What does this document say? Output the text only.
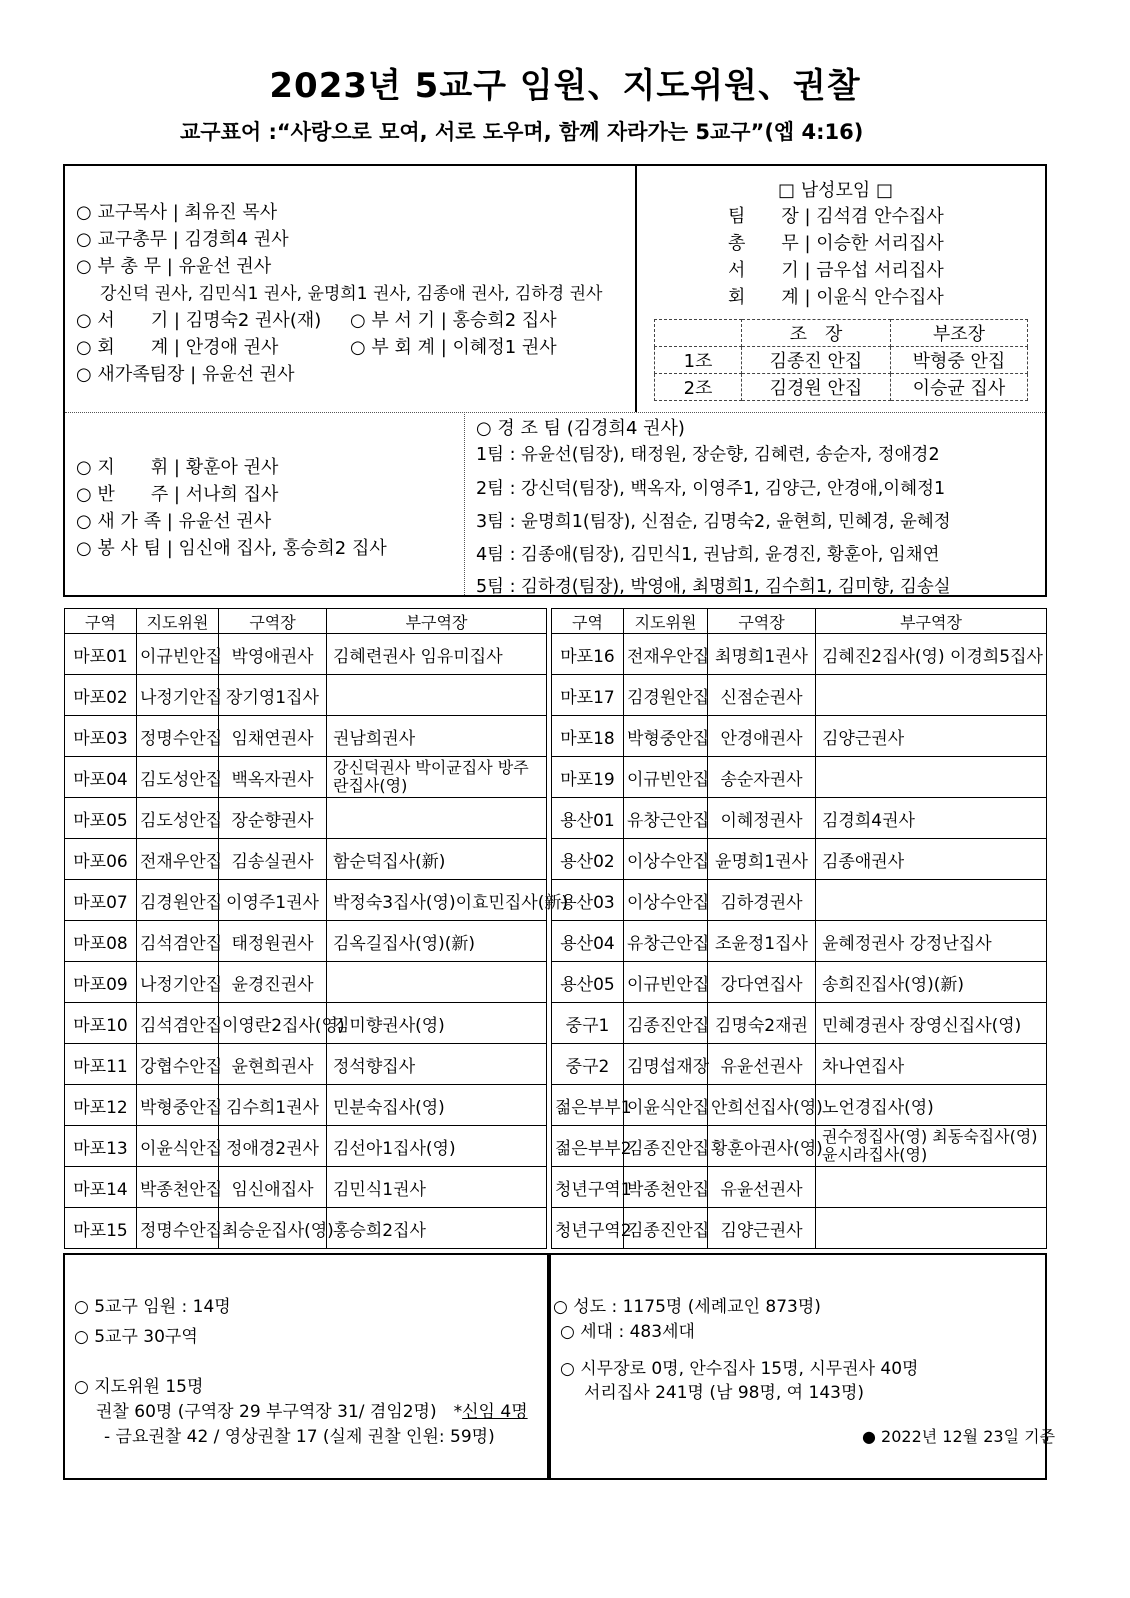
2023년 5교구 임원、지도위원、권찰
교구표어 :“사랑으로 모여, 서로 도우며, 함께 자라가는 5교구”(엡 4:16)
○ 교구목사 | 최유진 목사
○ 교구총무 | 김경희4 권사
○ 부 총 무 | 유윤선 권사
강신덕 권사, 김민식1 권사, 윤명희1 권사, 김종애 권사, 김하경 권사
○ 서　　기 | 김명숙2 권사(재) ○ 부 서 기 | 홍승희2 집사
○ 회　　계 | 안경애 권사	○ 부 회 계 | 이혜정1 권사
○ 새가족팀장 | 유윤선 권사
□ 남성모임 □
팀　　장 | 김석겸 안수집사
총　　무 | 이승한 서리집사
서　　기 | 금우섭 서리집사
회　　계 | 이윤식 안수집사
	조　장	부조장
1조	김종진 안집	박형중 안집
2조	김경원 안집	이승균 집사
○ 지　　휘 | 황훈아 권사
○ 반　　주 | 서나희 집사
○ 새 가 족 | 유윤선 권사
○ 봉 사 팀 | 임신애 집사, 홍승희2 집사
○ 경 조 팀 (김경희4 권사)
1팀 : 유윤선(팀장), 태정원, 장순향, 김혜련, 송순자, 정애경2
2팀 : 강신덕(팀장), 백옥자, 이영주1, 김양근, 안경애,이혜정1
3팀 : 윤명희1(팀장), 신점순, 김명숙2, 윤현희, 민혜경, 윤혜정
4팀 : 김종애(팀장), 김민식1, 권남희, 윤경진, 황훈아, 임채연
5팀 : 김하경(팀장), 박영애, 최명희1, 김수희1, 김미향, 김송실
구역	지도위원	구역장	부구역장
마포01	이규빈안집	박영애권사	김혜련권사 임유미집사
마포02	나정기안집	장기영1집사	
마포03	정명수안집	임채연권사	권남희권사
마포04	김도성안집	백옥자권사	강신덕권사 박이균집사 방주란집사(영)
마포05	김도성안집	장순향권사	
마포06	전재우안집	김송실권사	함순덕집사(新)
마포07	김경원안집	이영주1권사	박정숙3집사(영)이효민집사(新)
마포08	김석겸안집	태정원권사	김옥길집사(영)(新)
마포09	나정기안집	윤경진권사	
마포10	김석겸안집	이영란2집사(영)	김미향권사(영)
마포11	강협수안집	윤현희권사	정석향집사
마포12	박형중안집	김수희1권사	민분숙집사(영)
마포13	이윤식안집	정애경2권사	김선아1집사(영)
마포14	박종천안집	임신애집사	김민식1권사
마포15	정명수안집	최승운집사(영)	홍승희2집사
구역	지도위원	구역장	부구역장
마포16	전재우안집	최명희1권사	김혜진2집사(영) 이경희5집사
마포17	김경원안집	신점순권사	
마포18	박형중안집	안경애권사	김양근권사
마포19	이규빈안집	송순자권사	
용산01	유창근안집	이혜정권사	김경희4권사
용산02	이상수안집	윤명희1권사	김종애권사
용산03	이상수안집	김하경권사	
용산04	유창근안집	조윤정1집사	윤혜정권사 강정난집사
용산05	이규빈안집	강다연집사	송희진집사(영)(新)
중구1	김종진안집	김명숙2재권	민혜경권사 장영신집사(영)
중구2	김명섭재장	유윤선권사	차나연집사
젊은부부1	이윤식안집	안희선집사(영)	노언경집사(영)
젊은부부2	김종진안집	황훈아권사(영)	권수정집사(영) 최동숙집사(영) 윤시라집사(영)
청년구역1	박종천안집	유윤선권사	
청년구역2	김종진안집	김양근권사	
○ 5교구 임원 : 14명
○ 5교구 30구역
○ 지도위원 15명
권찰 60명 (구역장 29 부구역장 31/ 겸임2명)　*신임 4명
- 금요권찰 42 / 영상권찰 17 (실제 권찰 인원: 59명)
○ 성도 : 1175명 (세례교인 873명)
○ 세대 : 483세대
○ 시무장로 0명, 안수집사 15명, 시무권사 40명
서리집사 241명 (남 98명, 여 143명)
● 2022년 12월 23일 기준
